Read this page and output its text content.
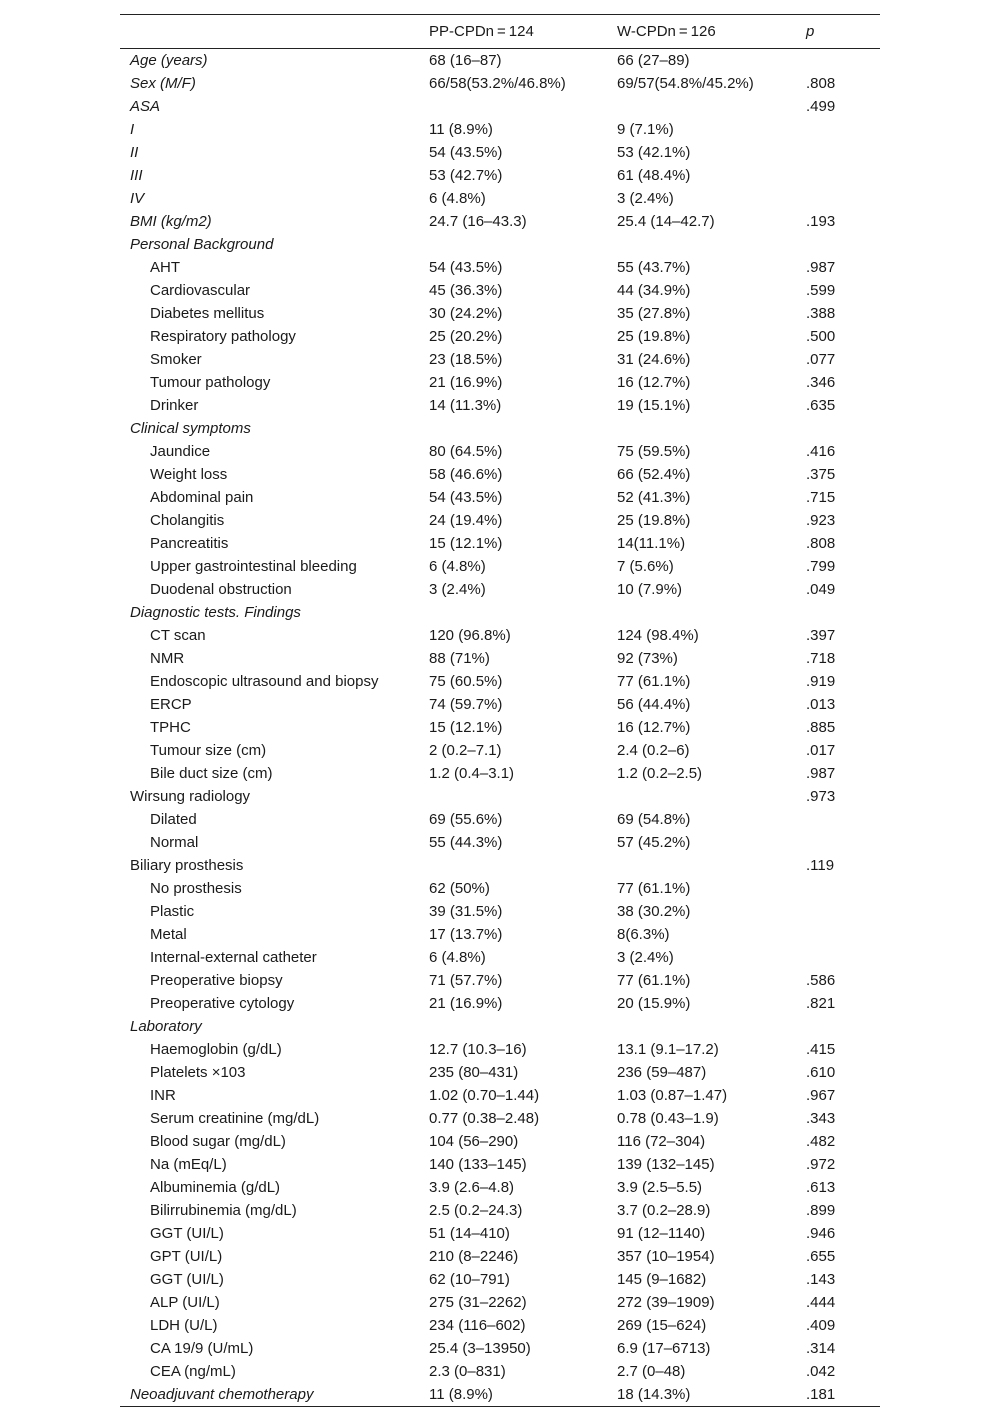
	PP-CPDn = 124	W-CPDn = 126	p
Age (years)	68 (16–87)	66 (27–89)	
Sex (M/F)	66/58(53.2%/46.8%)	69/57(54.8%/45.2%)	.808
ASA			.499
I	11 (8.9%)	9 (7.1%)	
II	54 (43.5%)	53 (42.1%)	
III	53 (42.7%)	61 (48.4%)	
IV	6 (4.8%)	3 (2.4%)	
BMI (kg/m2)	24.7 (16–43.3)	25.4 (14–42.7)	.193
Personal Background			
AHT	54 (43.5%)	55 (43.7%)	.987
Cardiovascular	45 (36.3%)	44 (34.9%)	.599
Diabetes mellitus	30 (24.2%)	35 (27.8%)	.388
Respiratory pathology	25 (20.2%)	25 (19.8%)	.500
Smoker	23 (18.5%)	31 (24.6%)	.077
Tumour pathology	21 (16.9%)	16 (12.7%)	.346
Drinker	14 (11.3%)	19 (15.1%)	.635
Clinical symptoms			
Jaundice	80 (64.5%)	75 (59.5%)	.416
Weight loss	58 (46.6%)	66 (52.4%)	.375
Abdominal pain	54 (43.5%)	52 (41.3%)	.715
Cholangitis	24 (19.4%)	25 (19.8%)	.923
Pancreatitis	15 (12.1%)	14(11.1%)	.808
Upper gastrointestinal bleeding	6 (4.8%)	7 (5.6%)	.799
Duodenal obstruction	3 (2.4%)	10 (7.9%)	.049
Diagnostic tests. Findings			
CT scan	120 (96.8%)	124 (98.4%)	.397
NMR	88 (71%)	92 (73%)	.718
Endoscopic ultrasound and biopsy	75 (60.5%)	77 (61.1%)	.919
ERCP	74 (59.7%)	56 (44.4%)	.013
TPHC	15 (12.1%)	16 (12.7%)	.885
Tumour size (cm)	2 (0.2–7.1)	2.4 (0.2–6)	.017
Bile duct size (cm)	1.2 (0.4–3.1)	1.2 (0.2–2.5)	.987
Wirsung radiology			.973
Dilated	69 (55.6%)	69 (54.8%)	
Normal	55 (44.3%)	57 (45.2%)	
Biliary prosthesis			.119
No prosthesis	62 (50%)	77 (61.1%)	
Plastic	39 (31.5%)	38 (30.2%)	
Metal	17 (13.7%)	8(6.3%)	
Internal-external catheter	6 (4.8%)	3 (2.4%)	
Preoperative biopsy	71 (57.7%)	77 (61.1%)	.586
Preoperative cytology	21 (16.9%)	20 (15.9%)	.821
Laboratory			
Haemoglobin (g/dL)	12.7 (10.3–16)	13.1 (9.1–17.2)	.415
Platelets ×103	235 (80–431)	236 (59–487)	.610
INR	1.02 (0.70–1.44)	1.03 (0.87–1.47)	.967
Serum creatinine (mg/dL)	0.77 (0.38–2.48)	0.78 (0.43–1.9)	.343
Blood sugar (mg/dL)	104 (56–290)	116 (72–304)	.482
Na (mEq/L)	140 (133–145)	139 (132–145)	.972
Albuminemia (g/dL)	3.9 (2.6–4.8)	3.9 (2.5–5.5)	.613
Bilirrubinemia (mg/dL)	2.5 (0.2–24.3)	3.7 (0.2–28.9)	.899
GGT (UI/L)	51 (14–410)	91 (12–1140)	.946
GPT (UI/L)	210 (8–2246)	357 (10–1954)	.655
GGT (UI/L)	62 (10–791)	145 (9–1682)	.143
ALP (UI/L)	275 (31–2262)	272 (39–1909)	.444
LDH (U/L)	234 (116–602)	269 (15–624)	.409
CA 19/9 (U/mL)	25.4 (3–13950)	6.9 (17–6713)	.314
CEA (ng/mL)	2.3 (0–831)	2.7 (0–48)	.042
Neoadjuvant chemotherapy	11 (8.9%)	18 (14.3%)	.181
